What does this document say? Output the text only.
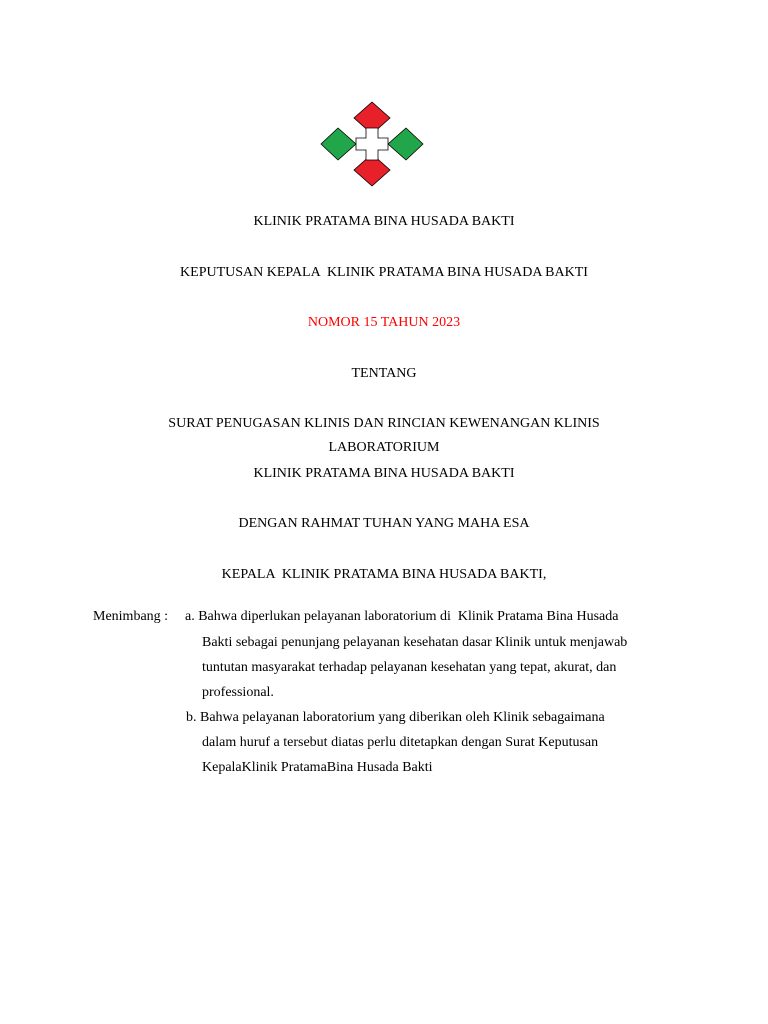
KLINIK PRATAMA BINA HUSADA BAKTI
KEPUTUSAN KEPALA  KLINIK PRATAMA BINA HUSADA BAKTI
NOMOR 15 TAHUN 2023
TENTANG
SURAT PENUGASAN KLINIS DAN RINCIAN KEWENANGAN KLINIS
LABORATORIUM
KLINIK PRATAMA BINA HUSADA BAKTI
DENGAN RAHMAT TUHAN YANG MAHA ESA
KEPALA  KLINIK PRATAMA BINA HUSADA BAKTI,
Menimbang : a. Bahwa diperlukan pelayanan laboratorium di  Klinik Pratama Bina Husada
Bakti sebagai penunjang pelayanan kesehatan dasar Klinik untuk menjawab
tuntutan masyarakat terhadap pelayanan kesehatan yang tepat, akurat, dan
professional.
b. Bahwa pelayanan laboratorium yang diberikan oleh Klinik sebagaimana
dalam huruf a tersebut diatas perlu ditetapkan dengan Surat Keputusan
KepalaKlinik PratamaBina Husada Bakti
